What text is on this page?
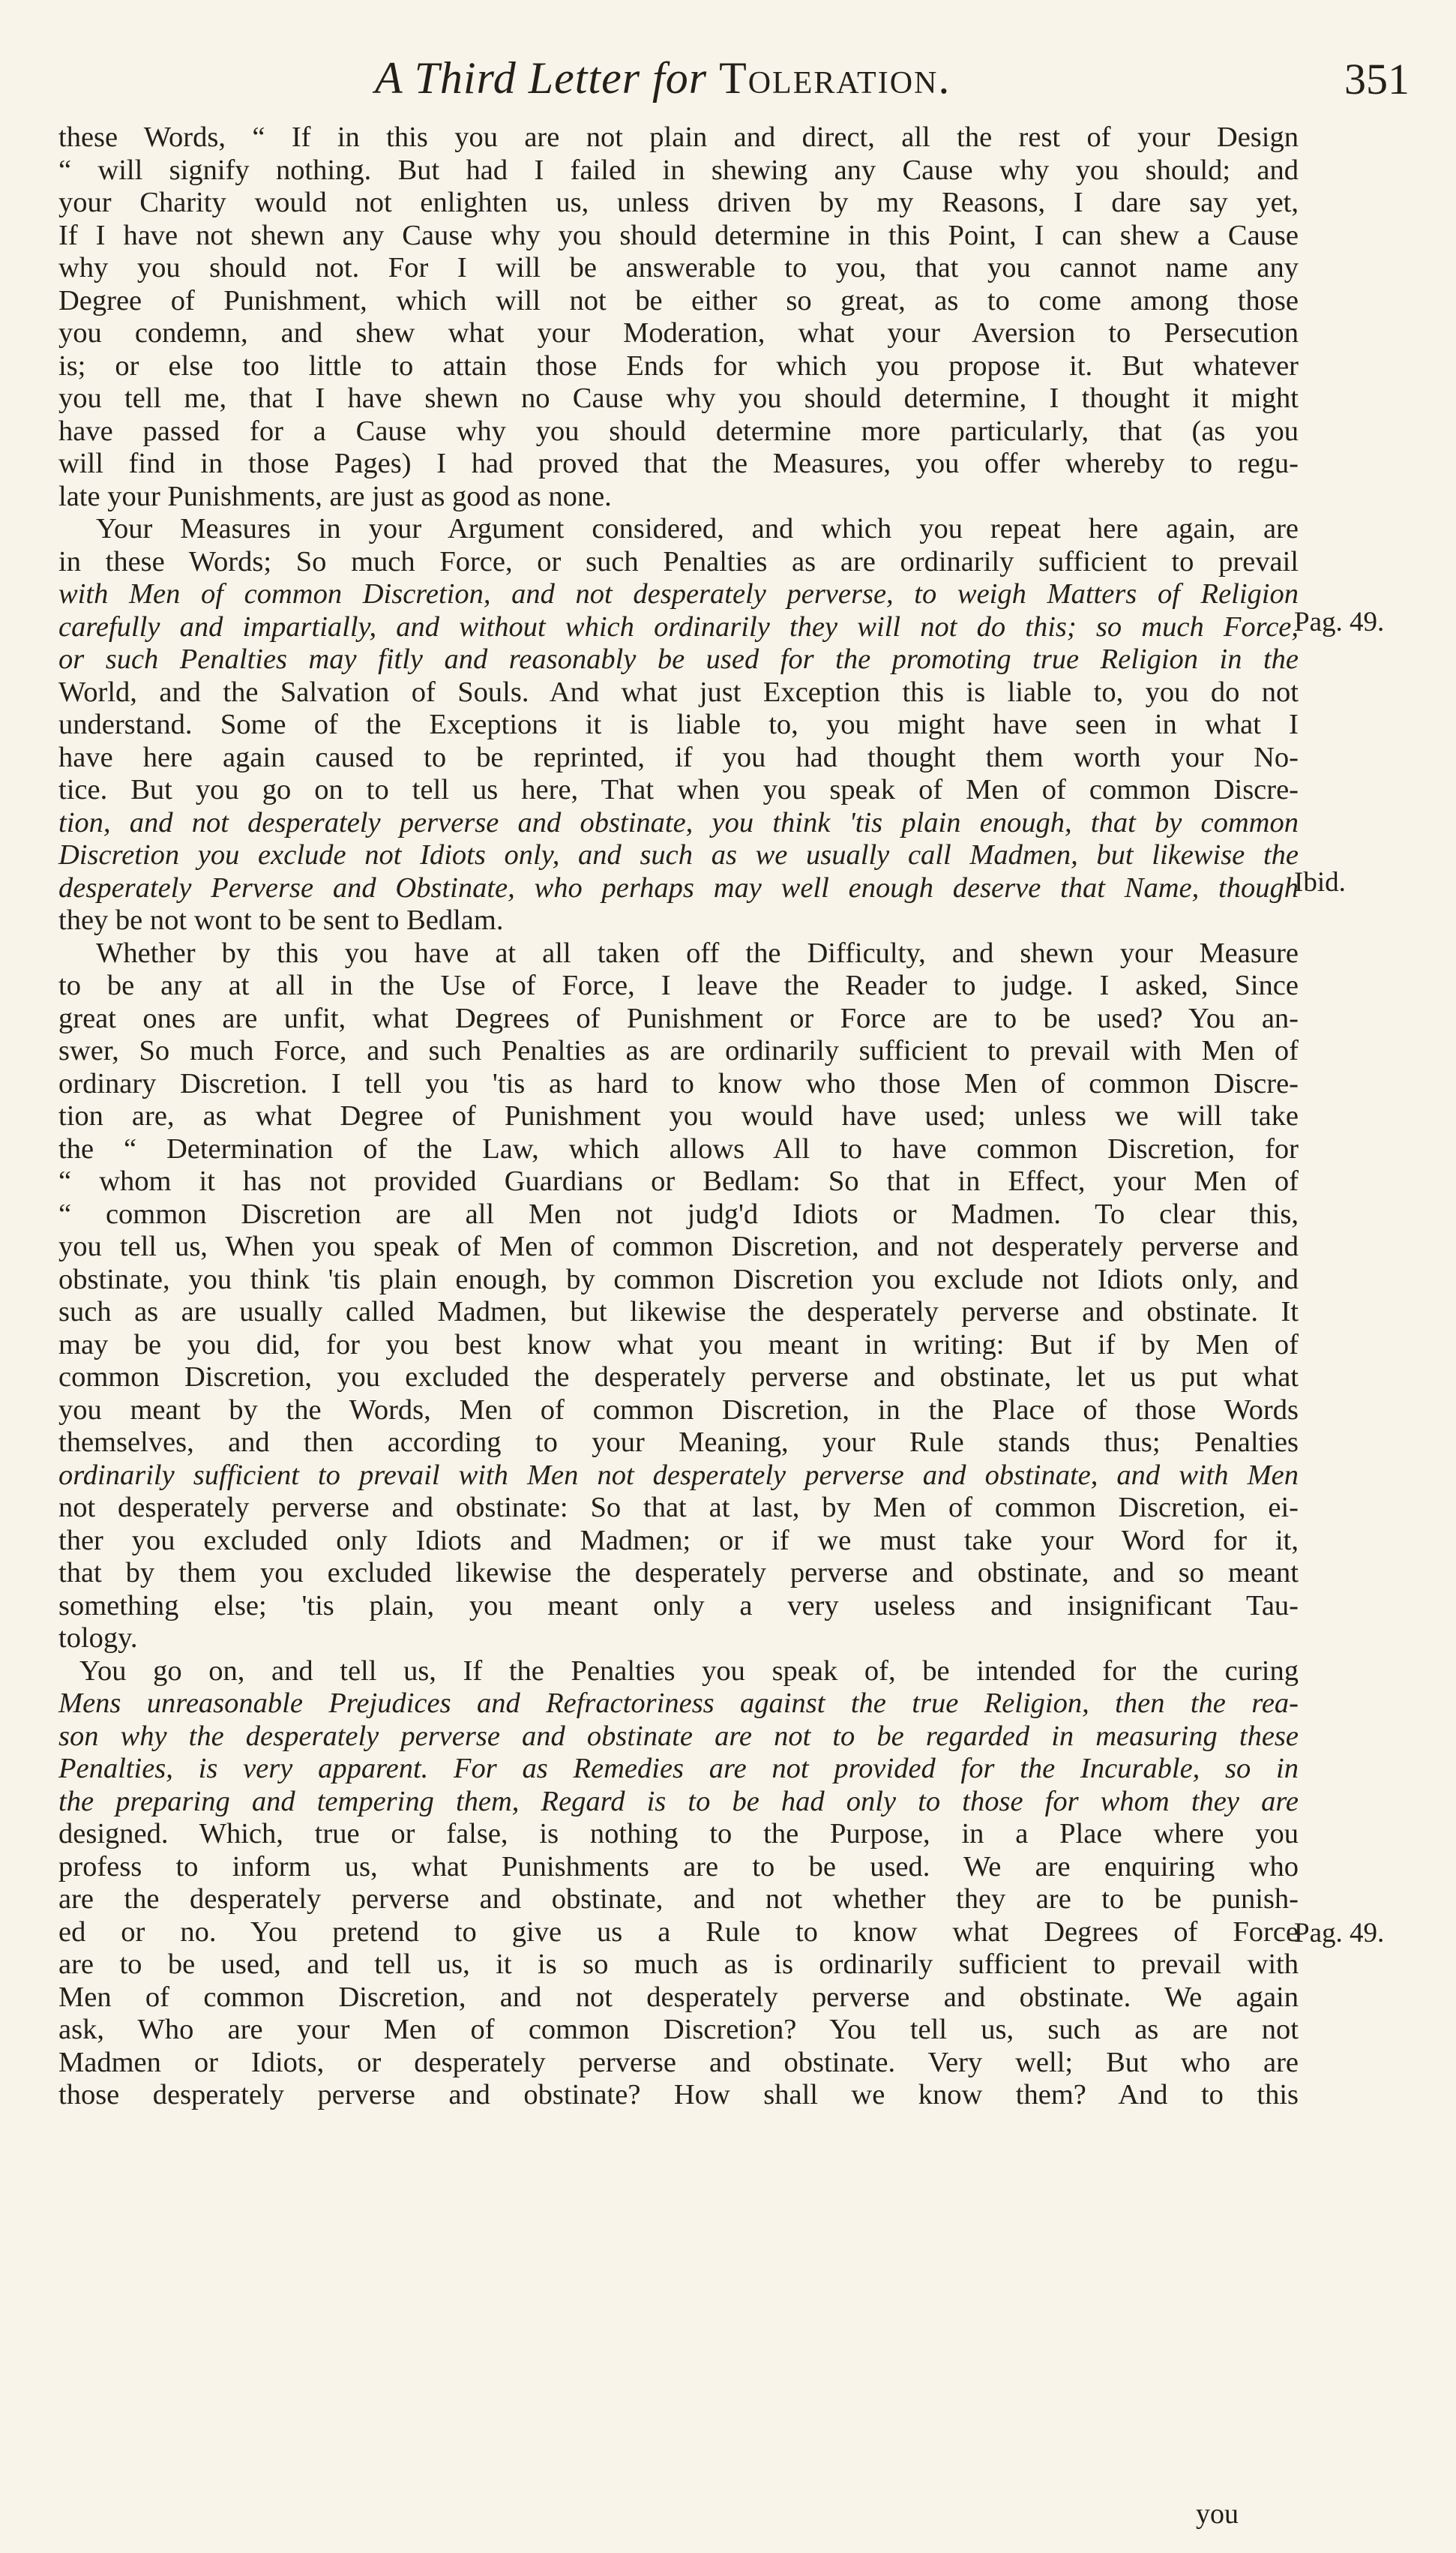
A Third Letter for Toleration.	351
these Words, “ If in this you are not plain and direct, all the rest of your Design
“ will signify nothing. But had I failed in shewing any Cause why you should; and
your Charity would not enlighten us, unless driven by my Reasons, I dare say yet,
If I have not shewn any Cause why you should determine in this Point, I can shew a Cause
why you should not. For I will be answerable to you, that you cannot name any
Degree of Punishment, which will not be either so great, as to come among those
you condemn, and shew what your Moderation, what your Aversion to Persecution
is; or else too little to attain those Ends for which you propose it. But whatever
you tell me, that I have shewn no Cause why you should determine, I thought it might
have passed for a Cause why you should determine more particularly, that (as you
will find in those Pages) I had proved that the Measures, you offer whereby to regu-
late your Punishments, are just as good as none.
Your Measures in your Argument considered, and which you repeat here again, are
in these Words; So much Force, or such Penalties as are ordinarily sufficient to prevail
with Men of common Discretion, and not desperately perverse, to weigh Matters of Religion
carefully and impartially, and without which ordinarily they will not do this; so much Force,
or such Penalties may fitly and reasonably be used for the promoting true Religion in the
World, and the Salvation of Souls. And what just Exception this is liable to, you do not
understand. Some of the Exceptions it is liable to, you might have seen in what I
have here again caused to be reprinted, if you had thought them worth your No-
tice. But you go on to tell us here, That when you speak of Men of common Discre-
tion, and not desperately perverse and obstinate, you think 'tis plain enough, that by common
Discretion you exclude not Idiots only, and such as we usually call Madmen, but likewise the
desperately Perverse and Obstinate, who perhaps may well enough deserve that Name, though
they be not wont to be sent to Bedlam.
Whether by this you have at all taken off the Difficulty, and shewn your Measure
to be any at all in the Use of Force, I leave the Reader to judge. I asked, Since
great ones are unfit, what Degrees of Punishment or Force are to be used? You an-
swer, So much Force, and such Penalties as are ordinarily sufficient to prevail with Men of
ordinary Discretion. I tell you 'tis as hard to know who those Men of common Discre-
tion are, as what Degree of Punishment you would have used; unless we will take
the “ Determination of the Law, which allows All to have common Discretion, for
“ whom it has not provided Guardians or Bedlam: So that in Effect, your Men of
“ common Discretion are all Men not judg'd Idiots or Madmen. To clear this,
you tell us, When you speak of Men of common Discretion, and not desperately perverse and
obstinate, you think 'tis plain enough, by common Discretion you exclude not Idiots only, and
such as are usually called Madmen, but likewise the desperately perverse and obstinate. It
may be you did, for you best know what you meant in writing: But if by Men of
common Discretion, you excluded the desperately perverse and obstinate, let us put what
you meant by the Words, Men of common Discretion, in the Place of those Words
themselves, and then according to your Meaning, your Rule stands thus; Penalties
ordinarily sufficient to prevail with Men not desperately perverse and obstinate, and with Men
not desperately perverse and obstinate: So that at last, by Men of common Discretion, ei-
ther you excluded only Idiots and Madmen; or if we must take your Word for it,
that by them you excluded likewise the desperately perverse and obstinate, and so meant
something else; 'tis plain, you meant only a very useless and insignificant Tau-
tology.
You go on, and tell us, If the Penalties you speak of, be intended for the curing
Mens unreasonable Prejudices and Refractoriness against the true Religion, then the rea-
son why the desperately perverse and obstinate are not to be regarded in measuring these
Penalties, is very apparent. For as Remedies are not provided for the Incurable, so in
the preparing and tempering them, Regard is to be had only to those for whom they are
designed. Which, true or false, is nothing to the Purpose, in a Place where you
profess to inform us, what Punishments are to be used. We are enquiring who
are the desperately perverse and obstinate, and not whether they are to be punish-
ed or no. You pretend to give us a Rule to know what Degrees of Force
are to be used, and tell us, it is so much as is ordinarily sufficient to prevail with
Men of common Discretion, and not desperately perverse and obstinate. We again
ask, Who are your Men of common Discretion? You tell us, such as are not
Madmen or Idiots, or desperately perverse and obstinate. Very well; But who are
those desperately perverse and obstinate? How shall we know them? And to this
Pag. 49.
Ibid.
Pag. 49.
you
